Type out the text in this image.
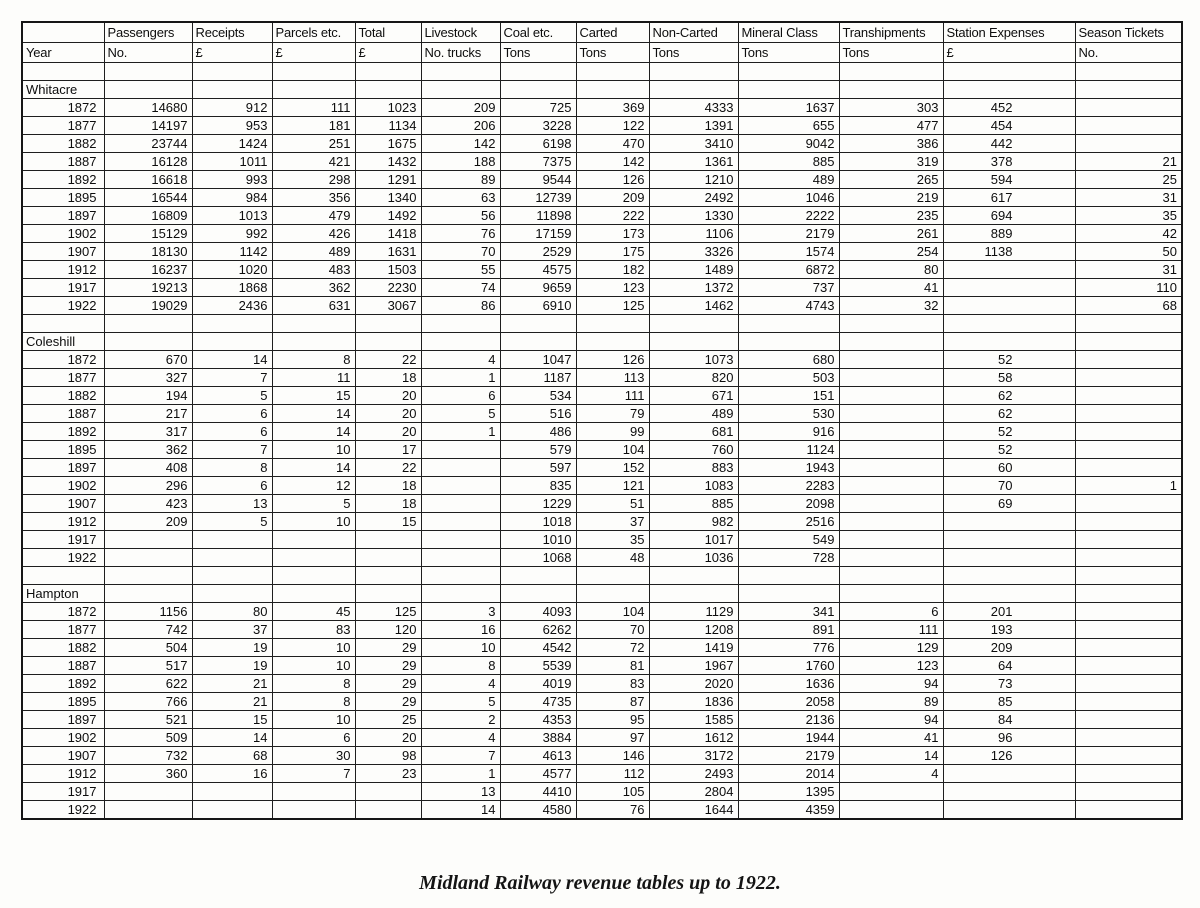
	Passengers	Receipts	Parcels etc.	Total	Livestock	Coal etc.	Carted	Non-Carted	Mineral Class	Transhipments	Station Expenses	Season Tickets
Year	No.	£	£	£	No. trucks	Tons	Tons	Tons	Tons	Tons	£	No.

Whitacre												
1872	14680	912	111	1023	209	725	369	4333	1637	303	452	
1877	14197	953	181	1134	206	3228	122	1391	655	477	454	
1882	23744	1424	251	1675	142	6198	470	3410	9042	386	442	
1887	16128	1011	421	1432	188	7375	142	1361	885	319	378	21
1892	16618	993	298	1291	89	9544	126	1210	489	265	594	25
1895	16544	984	356	1340	63	12739	209	2492	1046	219	617	31
1897	16809	1013	479	1492	56	11898	222	1330	2222	235	694	35
1902	15129	992	426	1418	76	17159	173	1106	2179	261	889	42
1907	18130	1142	489	1631	70	2529	175	3326	1574	254	1138	50
1912	16237	1020	483	1503	55	4575	182	1489	6872	80		31
1917	19213	1868	362	2230	74	9659	123	1372	737	41		110
1922	19029	2436	631	3067	86	6910	125	1462	4743	32		68

Coleshill												
1872	670	14	8	22	4	1047	126	1073	680		52	
1877	327	7	11	18	1	1187	113	820	503		58	
1882	194	5	15	20	6	534	111	671	151		62	
1887	217	6	14	20	5	516	79	489	530		62	
1892	317	6	14	20	1	486	99	681	916		52	
1895	362	7	10	17		579	104	760	1124		52	
1897	408	8	14	22		597	152	883	1943		60	
1902	296	6	12	18		835	121	1083	2283		70	1
1907	423	13	5	18		1229	51	885	2098		69	
1912	209	5	10	15		1018	37	982	2516			
1917						1010	35	1017	549			
1922						1068	48	1036	728			

Hampton												
1872	1156	80	45	125	3	4093	104	1129	341	6	201	
1877	742	37	83	120	16	6262	70	1208	891	111	193	
1882	504	19	10	29	10	4542	72	1419	776	129	209	
1887	517	19	10	29	8	5539	81	1967	1760	123	64	
1892	622	21	8	29	4	4019	83	2020	1636	94	73	
1895	766	21	8	29	5	4735	87	1836	2058	89	85	
1897	521	15	10	25	2	4353	95	1585	2136	94	84	
1902	509	14	6	20	4	3884	97	1612	1944	41	96	
1907	732	68	30	98	7	4613	146	3172	2179	14	126	
1912	360	16	7	23	1	4577	112	2493	2014	4		
1917					13	4410	105	2804	1395			
1922					14	4580	76	1644	4359			
Midland Railway revenue tables up to 1922.
